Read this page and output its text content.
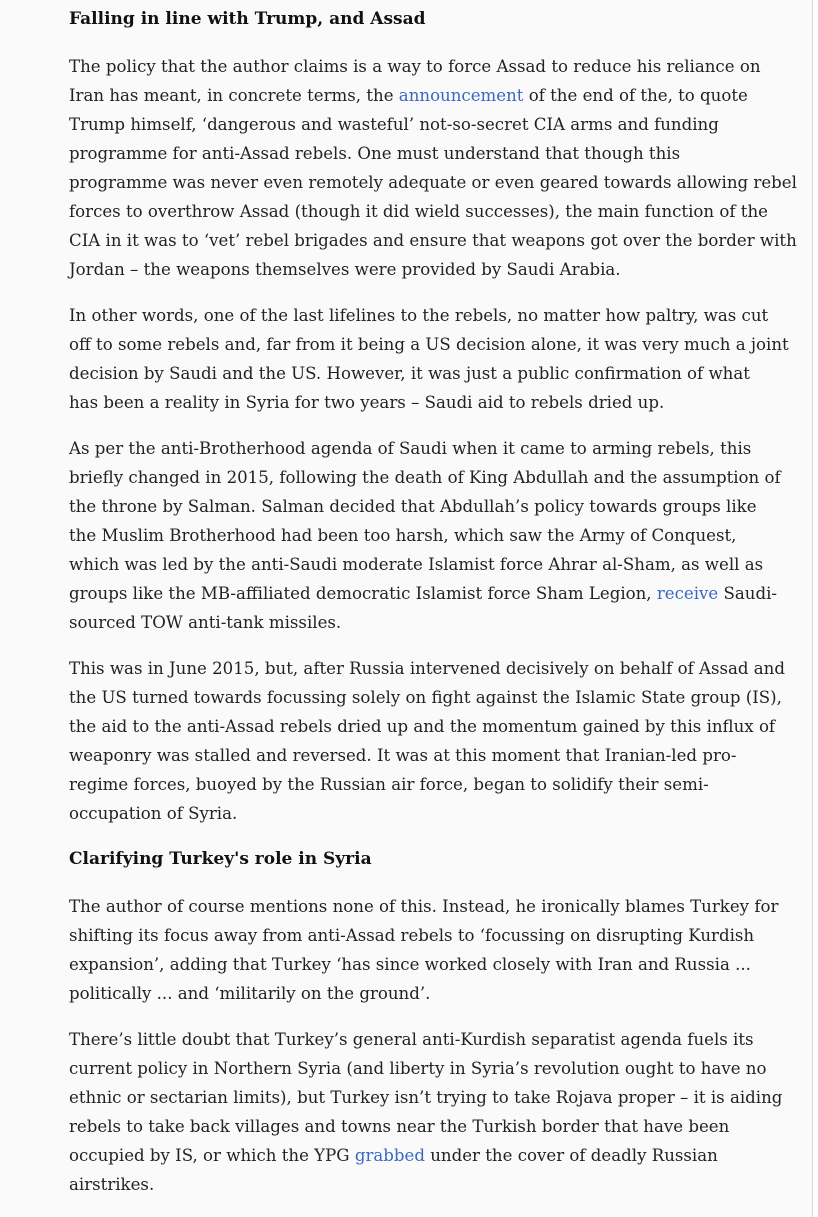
Falling in line with Trump, and Assad

The policy that the author claims is a way to force Assad to reduce his reliance on
Iran has meant, in concrete terms, the announcement of the end of the, to quote
Trump himself, ‘dangerous and wasteful’ not-so-secret CIA arms and funding
programme for anti-Assad rebels. One must understand that though this
programme was never even remotely adequate or even geared towards allowing rebel
forces to overthrow Assad (though it did wield successes), the main function of the
CIA in it was to ‘vet’ rebel brigades and ensure that weapons got over the border with
Jordan – the weapons themselves were provided by Saudi Arabia.

In other words, one of the last lifelines to the rebels, no matter how paltry, was cut
off to some rebels and, far from it being a US decision alone, it was very much a joint
decision by Saudi and the US. However, it was just a public confirmation of what
has been a reality in Syria for two years – Saudi aid to rebels dried up.

As per the anti-Brotherhood agenda of Saudi when it came to arming rebels, this
briefly changed in 2015, following the death of King Abdullah and the assumption of
the throne by Salman. Salman decided that Abdullah’s policy towards groups like
the Muslim Brotherhood had been too harsh, which saw the Army of Conquest,
which was led by the anti-Saudi moderate Islamist force Ahrar al-Sham, as well as
groups like the MB-affiliated democratic Islamist force Sham Legion, receive Saudi-
sourced TOW anti-tank missiles.

This was in June 2015, but, after Russia intervened decisively on behalf of Assad and
the US turned towards focussing solely on fight against the Islamic State group (IS),
the aid to the anti-Assad rebels dried up and the momentum gained by this influx of
weaponry was stalled and reversed. It was at this moment that Iranian-led pro-
regime forces, buoyed by the Russian air force, began to solidify their semi-
occupation of Syria.

Clarifying Turkey's role in Syria

The author of course mentions none of this. Instead, he ironically blames Turkey for
shifting its focus away from anti-Assad rebels to ‘focussing on disrupting Kurdish
expansion’, adding that Turkey ‘has since worked closely with Iran and Russia ...
politically ... and ‘militarily on the ground’.

There’s little doubt that Turkey’s general anti-Kurdish separatist agenda fuels its
current policy in Northern Syria (and liberty in Syria’s revolution ought to have no
ethnic or sectarian limits), but Turkey isn’t trying to take Rojava proper – it is aiding
rebels to take back villages and towns near the Turkish border that have been
occupied by IS, or which the YPG grabbed under the cover of deadly Russian
airstrikes.
